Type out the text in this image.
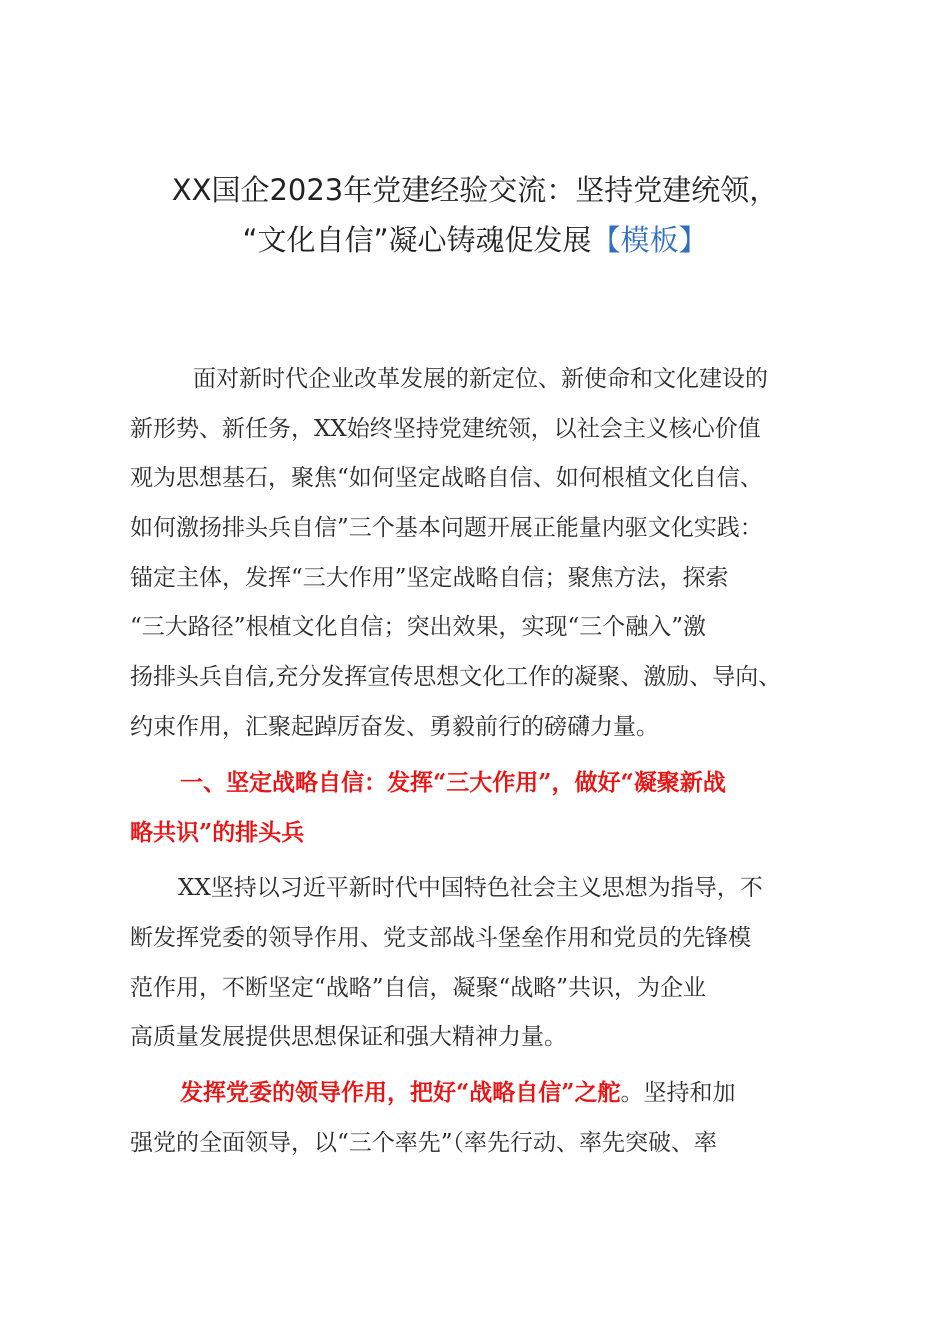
XX国企2023年党建经验交流：坚持党建统领，
“文化自信”凝心铸魂促发展【模板】

面对新时代企业改革发展的新定位、新使命和文化建设的

新形势、新任务，XX始终坚持党建统领，以社会主义核心价值

观为思想基石，聚焦“如何坚定战略自信、如何根植文化自信、

如何激扬排头兵自信”三个基本问题开展正能量内驱文化实践：

锚定主体，发挥“三大作用”坚定战略自信；聚焦方法，探索

“三大路径”根植文化自信；突出效果，实现“三个融入”激

扬排头兵自信,充分发挥宣传思想文化工作的凝聚、激励、导向、

约束作用，汇聚起踔厉奋发、勇毅前行的磅礴力量。

一、坚定战略自信：发挥“三大作用”，做好“凝聚新战

略共识”的排头兵

XX坚持以习近平新时代中国特色社会主义思想为指导，不

断发挥党委的领导作用、党支部战斗堡垒作用和党员的先锋模

范作用，不断坚定“战略”自信，凝聚“战略”共识，为企业

高质量发展提供思想保证和强大精神力量。

发挥党委的领导作用，把好“战略自信”之舵。坚持和加

强党的全面领导，以“三个率先”（率先行动、率先突破、率
